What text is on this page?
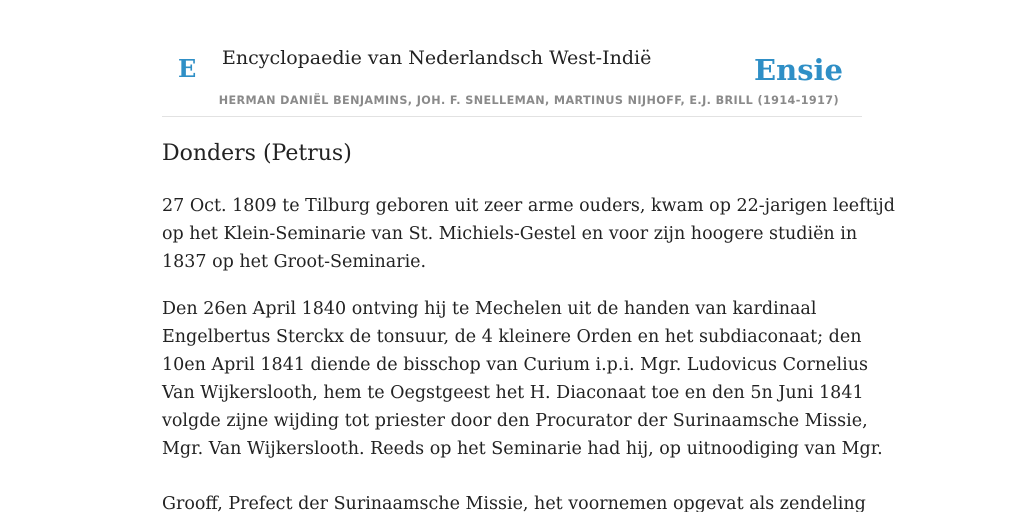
E Encyclopaedie van Nederlandsch West-Indië	Ensie
HERMAN DANIËL BENJAMINS, JOH. F. SNELLEMAN, MARTINUS NIJHOFF, E.J. BRILL (1914-1917)
Donders (Petrus)

27 Oct. 1809 te Tilburg geboren uit zeer arme ouders, kwam op 22-jarigen leeftijd
op het Klein-Seminarie van St. Michiels-Gestel en voor zijn hoogere studiën in
1837 op het Groot-Seminarie.

Den 26en April 1840 ontving hij te Mechelen uit de handen van kardinaal
Engelbertus Sterckx de tonsuur, de 4 kleinere Orden en het subdiaconaat; den
10en April 1841 diende de bisschop van Curium i.p.i. Mgr. Ludovicus Cornelius
Van Wijkerslooth, hem te Oegstgeest het H. Diaconaat toe en den 5n Juni 1841
volgde zijne wijding tot priester door den Procurator der Surinaamsche Missie,
Mgr. Van Wijkerslooth. Reeds op het Seminarie had hij, op uitnoodiging van Mgr.

Grooff, Prefect der Surinaamsche Missie, het voornemen opgevat als zendeling
